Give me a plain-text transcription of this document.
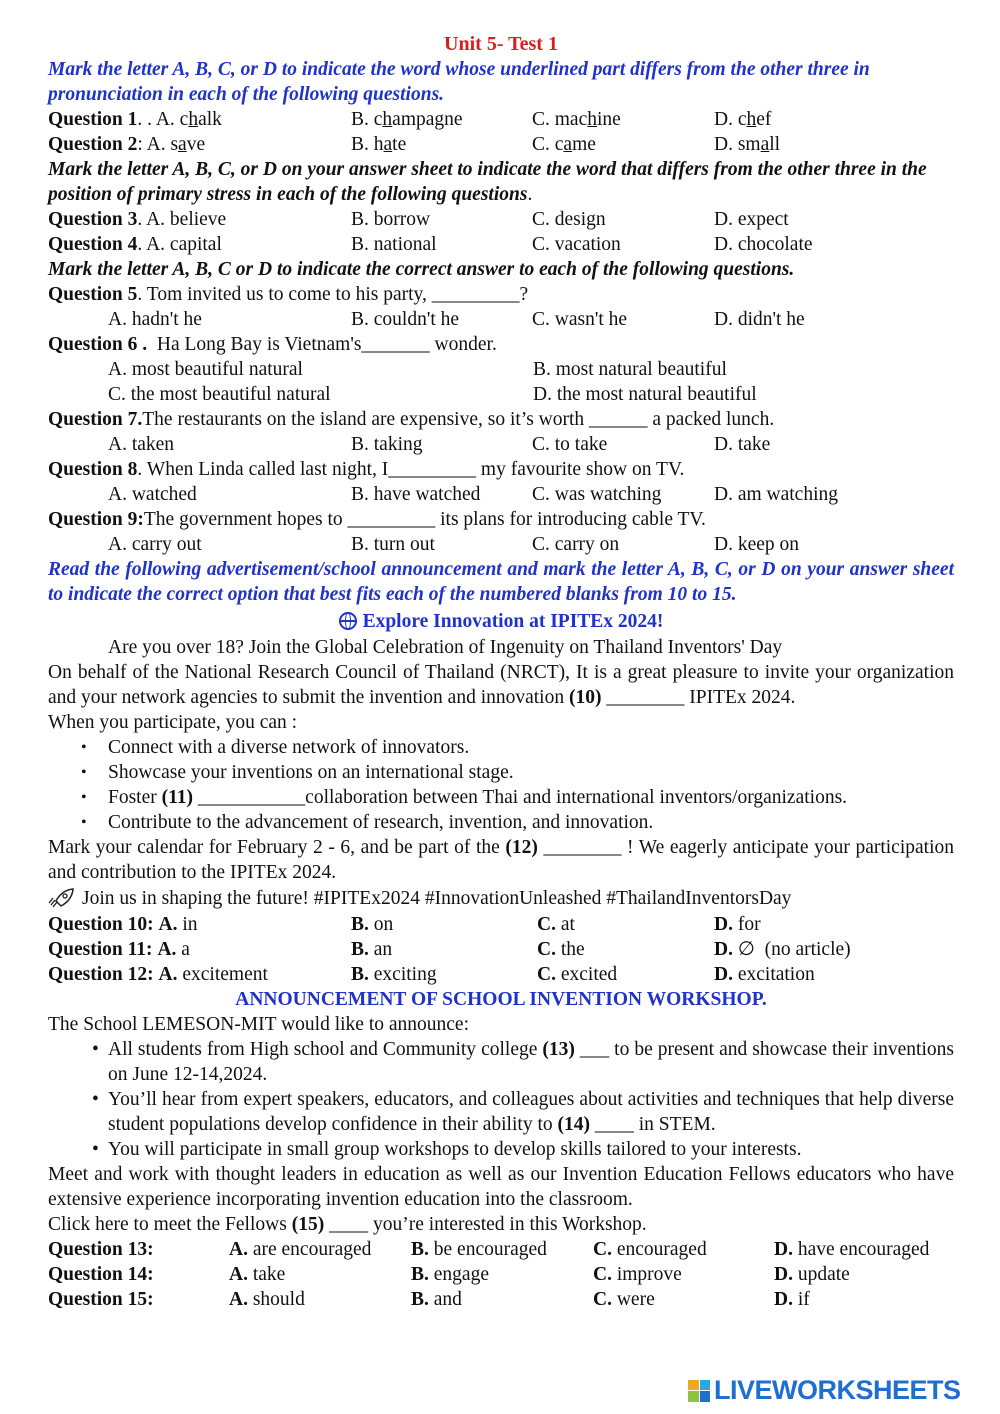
Unit 5- Test 1
Mark the letter A, B, C, or D to indicate the word whose underlined part differs from the other three in pronunciation in each of the following questions.
Question 1. . A. chalk	B. champagne	C. machine	D. chef
Question 2: A. save	B. hate	C. came	D. small
Mark the letter A, B, C, or D on your answer sheet to indicate the word that differs from the other three in the position of primary stress in each of the following questions.
Question 3. A. believe	B. borrow	C. design	D. expect
Question 4. A. capital	B. national	C. vacation	D. chocolate
Mark the letter A, B, C or D to indicate the correct answer to each of the following questions.
Question 5 . Tom invited us to come to his party, _________?
A. hadn't he	B. couldn't he	C. wasn't he	D. didn't he
Question 6 . Ha Long Bay is Vietnam's_______ wonder.
A. most beautiful natural	B. most natural beautiful
C. the most beautiful natural	D. the most natural beautiful
Question 7. The restaurants on the island are expensive, so it’s worth ______ a packed lunch.
A. taken	B. taking	C. to take	D. take
Question 8 . When Linda called last night, I_________ my favourite show on TV.
A. watched	B. have watched	C. was watching	D. am watching
Question 9: The government hopes to _________ its plans for introducing cable TV.
A. carry out	B. turn out	C. carry on	D. keep on
Read the following advertisement/school announcement and mark the letter A, B, C, or D on your answer sheet to indicate the correct option that best fits each of the numbered blanks from 10 to 15.
Explore Innovation at IPITEx 2024!
Are you over 18? Join the Global Celebration of Ingenuity on Thailand Inventors' Day
On behalf of the National Research Council of Thailand (NRCT), It is a great pleasure to invite your organization and your network agencies to submit the invention and innovation (10) ________ IPITEx 2024.
When you participate, you can :
• Connect with a diverse network of innovators.
• Showcase your inventions on an international stage.
• Foster (11) ___________collaboration between Thai and international inventors/organizations.
• Contribute to the advancement of research, invention, and innovation.
Mark your calendar for February 2 - 6, and be part of the (12) ________ ! We eagerly anticipate your participation and contribution to the IPITEx 2024.
Join us in shaping the future! #IPITEx2024 #InnovationUnleashed #ThailandInventorsDay
Question 10: A. in	B. on	C. at	D. for
Question 11: A. a	B. an	C. the	D. ∅  (no article)
Question 12: A. excitement	B. exciting	C. excited	D. excitation
ANNOUNCEMENT OF SCHOOL INVENTION WORKSHOP.
The School LEMESON-MIT would like to announce:
• All students from High school and Community college (13) ___ to be present and showcase their inventions on June 12-14,2024.
• You’ll hear from expert speakers, educators, and colleagues about activities and techniques that help diverse student populations develop confidence in their ability to (14) ____ in STEM.
• You will participate in small group workshops to develop skills tailored to your interests.
Meet and work with thought leaders in education as well as our Invention Education Fellows educators who have extensive experience incorporating invention education into the classroom.
Click here to meet the Fellows (15) ____ you’re interested in this Workshop.
Question 13:	A. are encouraged	B. be encouraged	C. encouraged	D. have encouraged
Question 14:	A. take	B. engage	C. improve	D. update
Question 15:	A. should	B. and	C. were	D. if
LIVEWORKSHEETS
